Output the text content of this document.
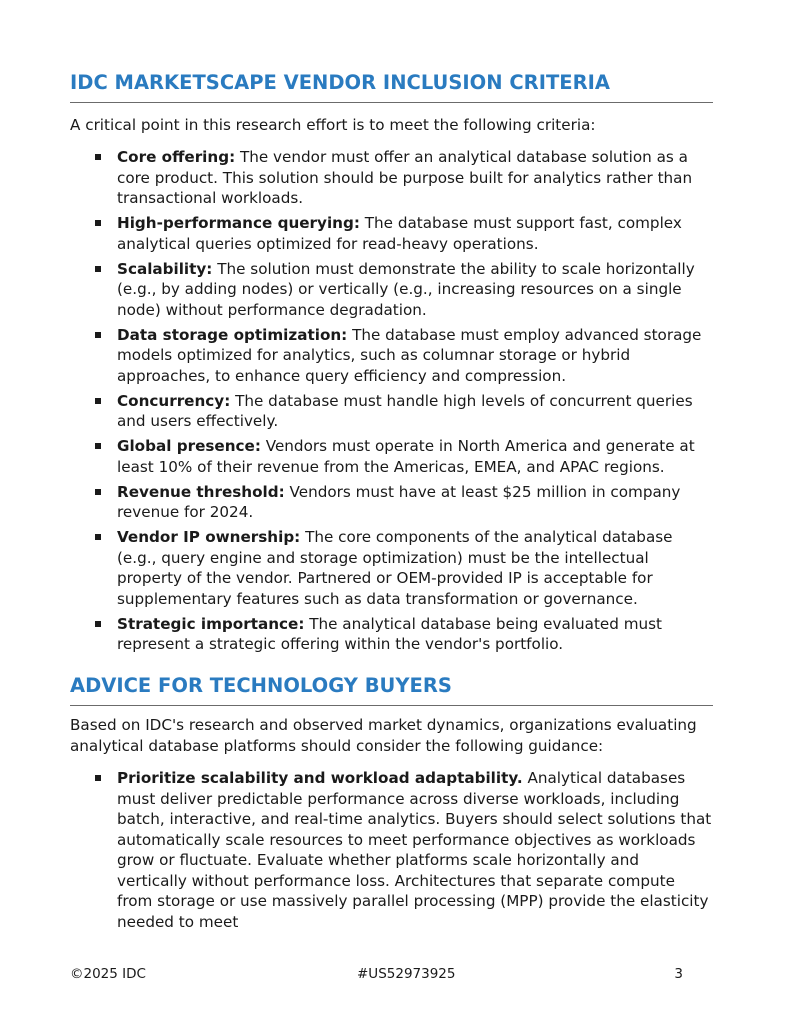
IDC MARKETSCAPE VENDOR INCLUSION CRITERIA

A critical point in this research effort is to meet the following criteria:

Core offering: The vendor must offer an analytical database solution as a core product. This solution should be purpose built for analytics rather than transactional workloads.
High-performance querying: The database must support fast, complex analytical queries optimized for read-heavy operations.
Scalability: The solution must demonstrate the ability to scale horizontally (e.g., by adding nodes) or vertically (e.g., increasing resources on a single node) without performance degradation.
Data storage optimization: The database must employ advanced storage models optimized for analytics, such as columnar storage or hybrid approaches, to enhance query efficiency and compression.
Concurrency: The database must handle high levels of concurrent queries and users effectively.
Global presence: Vendors must operate in North America and generate at least 10% of their revenue from the Americas, EMEA, and APAC regions.
Revenue threshold: Vendors must have at least $25 million in company revenue for 2024.
Vendor IP ownership: The core components of the analytical database (e.g., query engine and storage optimization) must be the intellectual property of the vendor. Partnered or OEM-provided IP is acceptable for supplementary features such as data transformation or governance.
Strategic importance: The analytical database being evaluated must represent a strategic offering within the vendor's portfolio.
ADVICE FOR TECHNOLOGY BUYERS

Based on IDC's research and observed market dynamics, organizations evaluating analytical database platforms should consider the following guidance:

Prioritize scalability and workload adaptability. Analytical databases must deliver predictable performance across diverse workloads, including batch, interactive, and real-time analytics. Buyers should select solutions that automatically scale resources to meet performance objectives as workloads grow or fluctuate. Evaluate whether platforms scale horizontally and vertically without performance loss. Architectures that separate compute from storage or use massively parallel processing (MPP) provide the elasticity needed to meet
©2025 IDC	#US52973925	3
